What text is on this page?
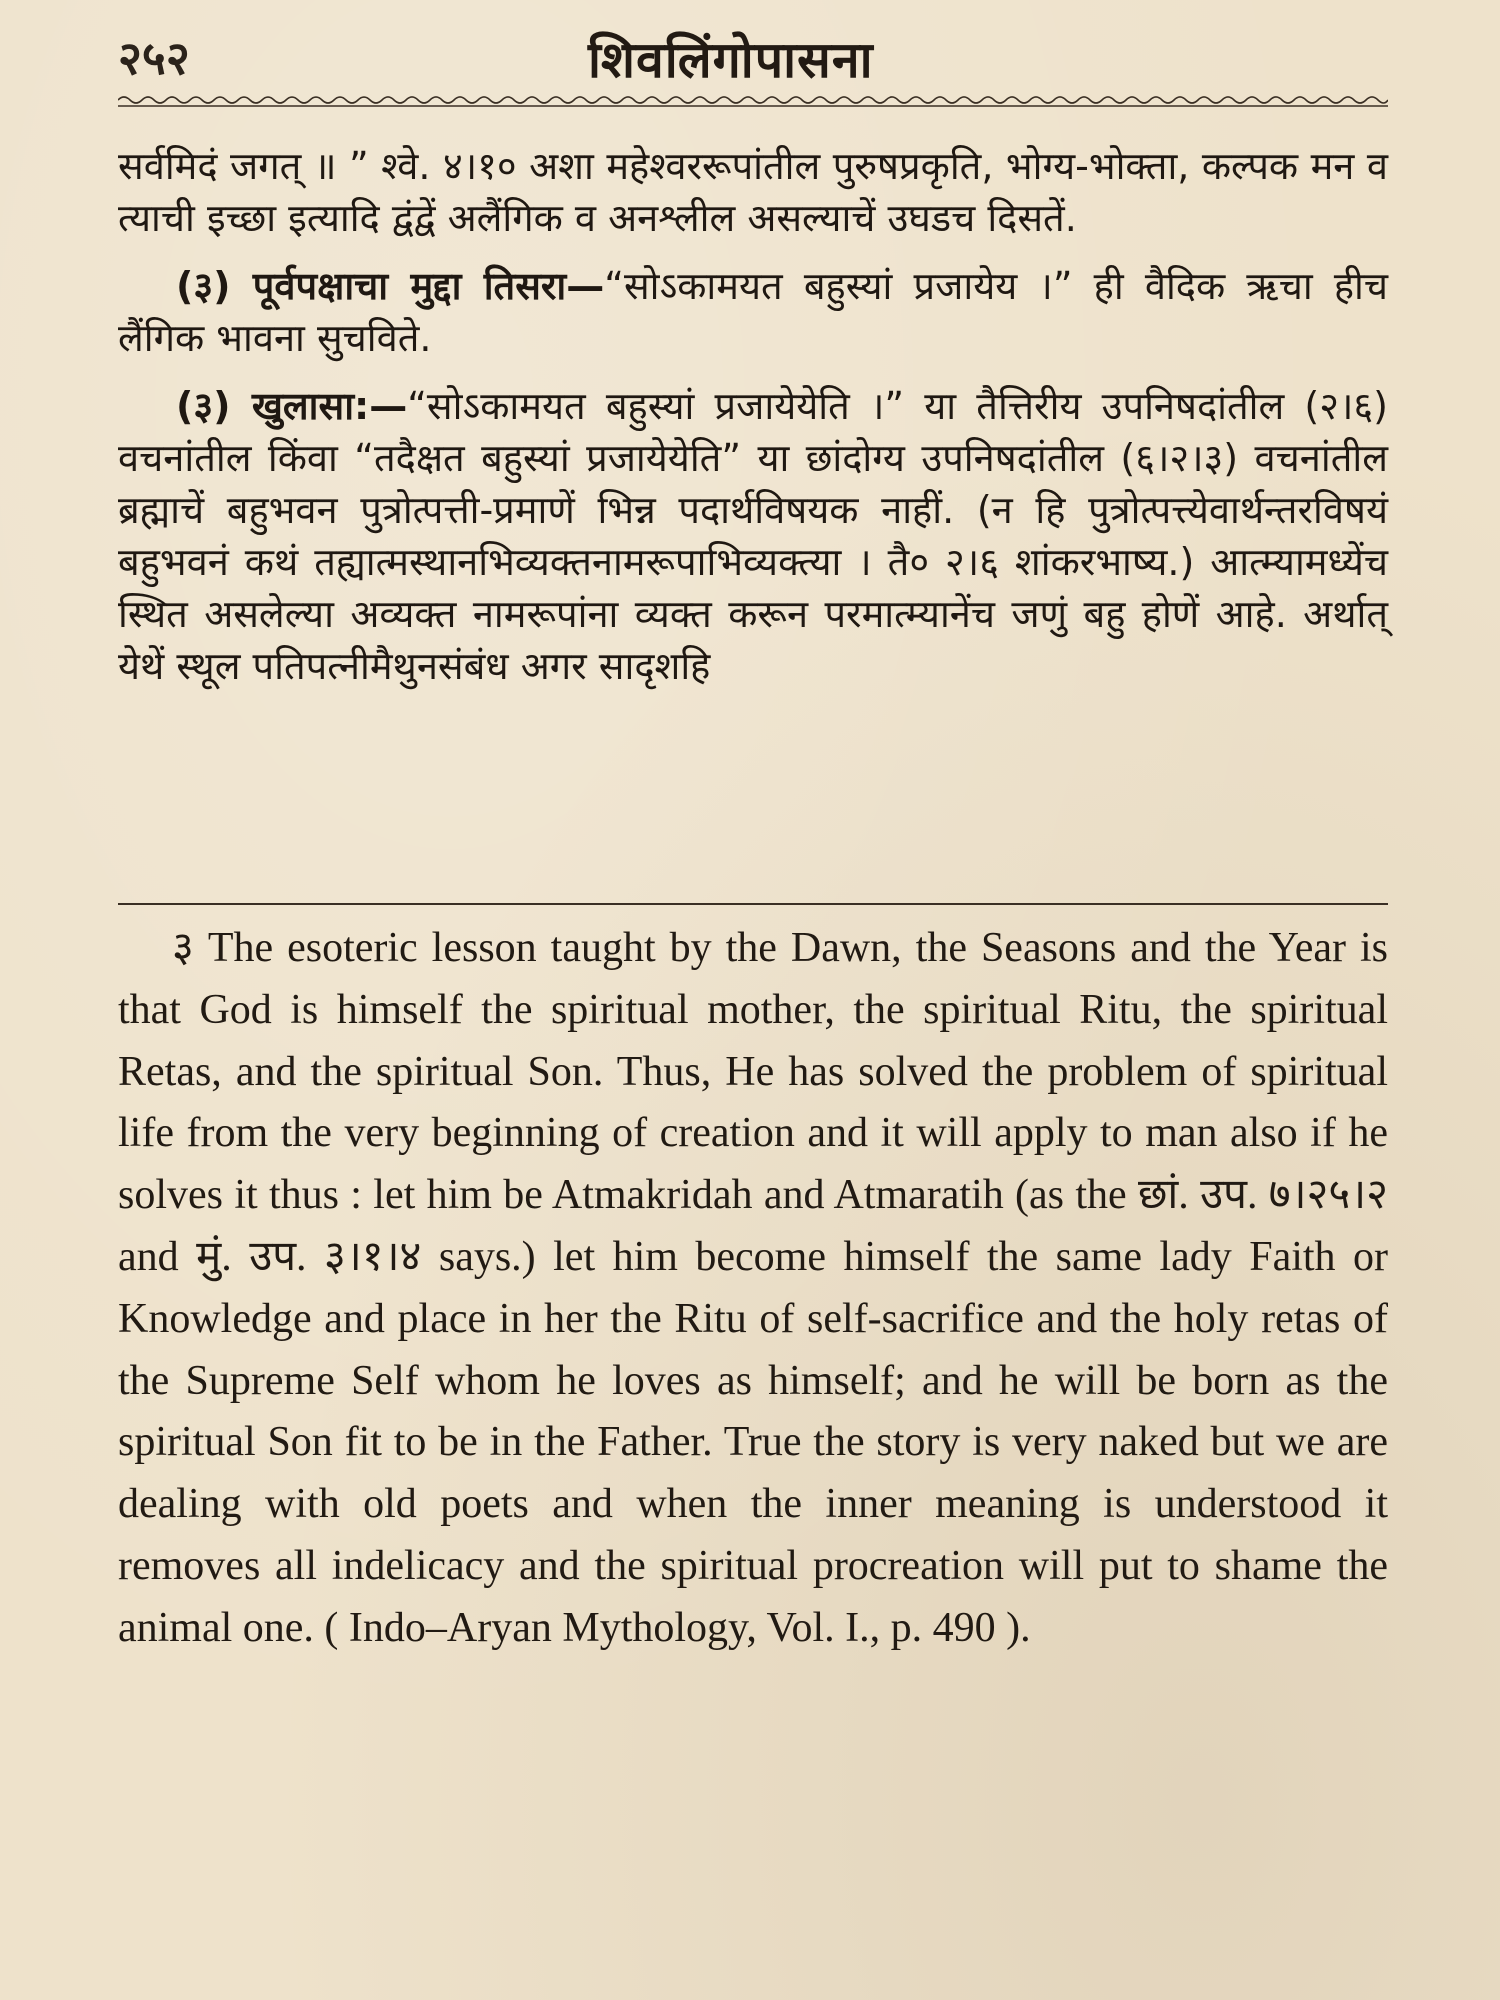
२५२	शिवलिंगोपासना

सर्वमिदं जगत् ॥ ” श्वे. ४।१० अशा महेश्वररूपांतील पुरुषप्रकृति, भोग्य-भोक्ता, कल्पक मन व त्याची इच्छा इत्यादि द्वंद्वें अलैंगिक व अनश्लील असल्याचें उघडच दिसतें.

(३) पूर्वपक्षाचा मुद्दा तिसरा—“सोऽकामयत बहुस्यां प्रजायेय ।” ही वैदिक ऋचा हीच लैंगिक भावना सुचविते.

(३) खुलासा:—“सोऽकामयत बहुस्यां प्रजायेयेति ।” या तैत्तिरीय उपनिषदांतील (२।६) वचनांतील किंवा “तदैक्षत बहुस्यां प्रजायेयेति” या छांदोग्य उपनिषदांतील (६।२।३) वचनांतील ब्रह्माचें बहुभवन पुत्रोत्पत्ती-प्रमाणें भिन्न पदार्थविषयक नाहीं. (न हि पुत्रोत्पत्त्येवार्थन्तरविषयं बहुभवनं कथं तह्यात्मस्थानभिव्यक्तनामरूपाभिव्यक्त्या । तै० २।६ शांकरभाष्य.) आत्म्यामध्येंच स्थित असलेल्या अव्यक्त नामरूपांना व्यक्त करून परमात्म्यानेंच जणुं बहु होणें आहे. अर्थात् येथें स्थूल पतिपत्नीमैथुनसंबंध अगर सादृशहि

३ The esoteric lesson taught by the Dawn, the Seasons and the Year is that God is himself the spiritual mother, the spiritual Ritu, the spiritual Retas, and the spiritual Son. Thus, He has solved the problem of spiritual life from the very beginning of creation and it will apply to man also if he solves it thus : let him be Atmakridah and Atmaratih (as the छां. उप. ७।२५।२ and मुं. उप. ३।१।४ says.) let him become himself the same lady Faith or Knowledge and place in her the Ritu of self-sacrifice and the holy retas of the Supreme Self whom he loves as himself; and he will be born as the spiritual Son fit to be in the Father. True the story is very naked but we are dealing with old poets and when the inner meaning is understood it removes all indelicacy and the spiritual procreation will put to shame the animal one. ( Indo–Aryan Mythology, Vol. I., p. 490 ).
